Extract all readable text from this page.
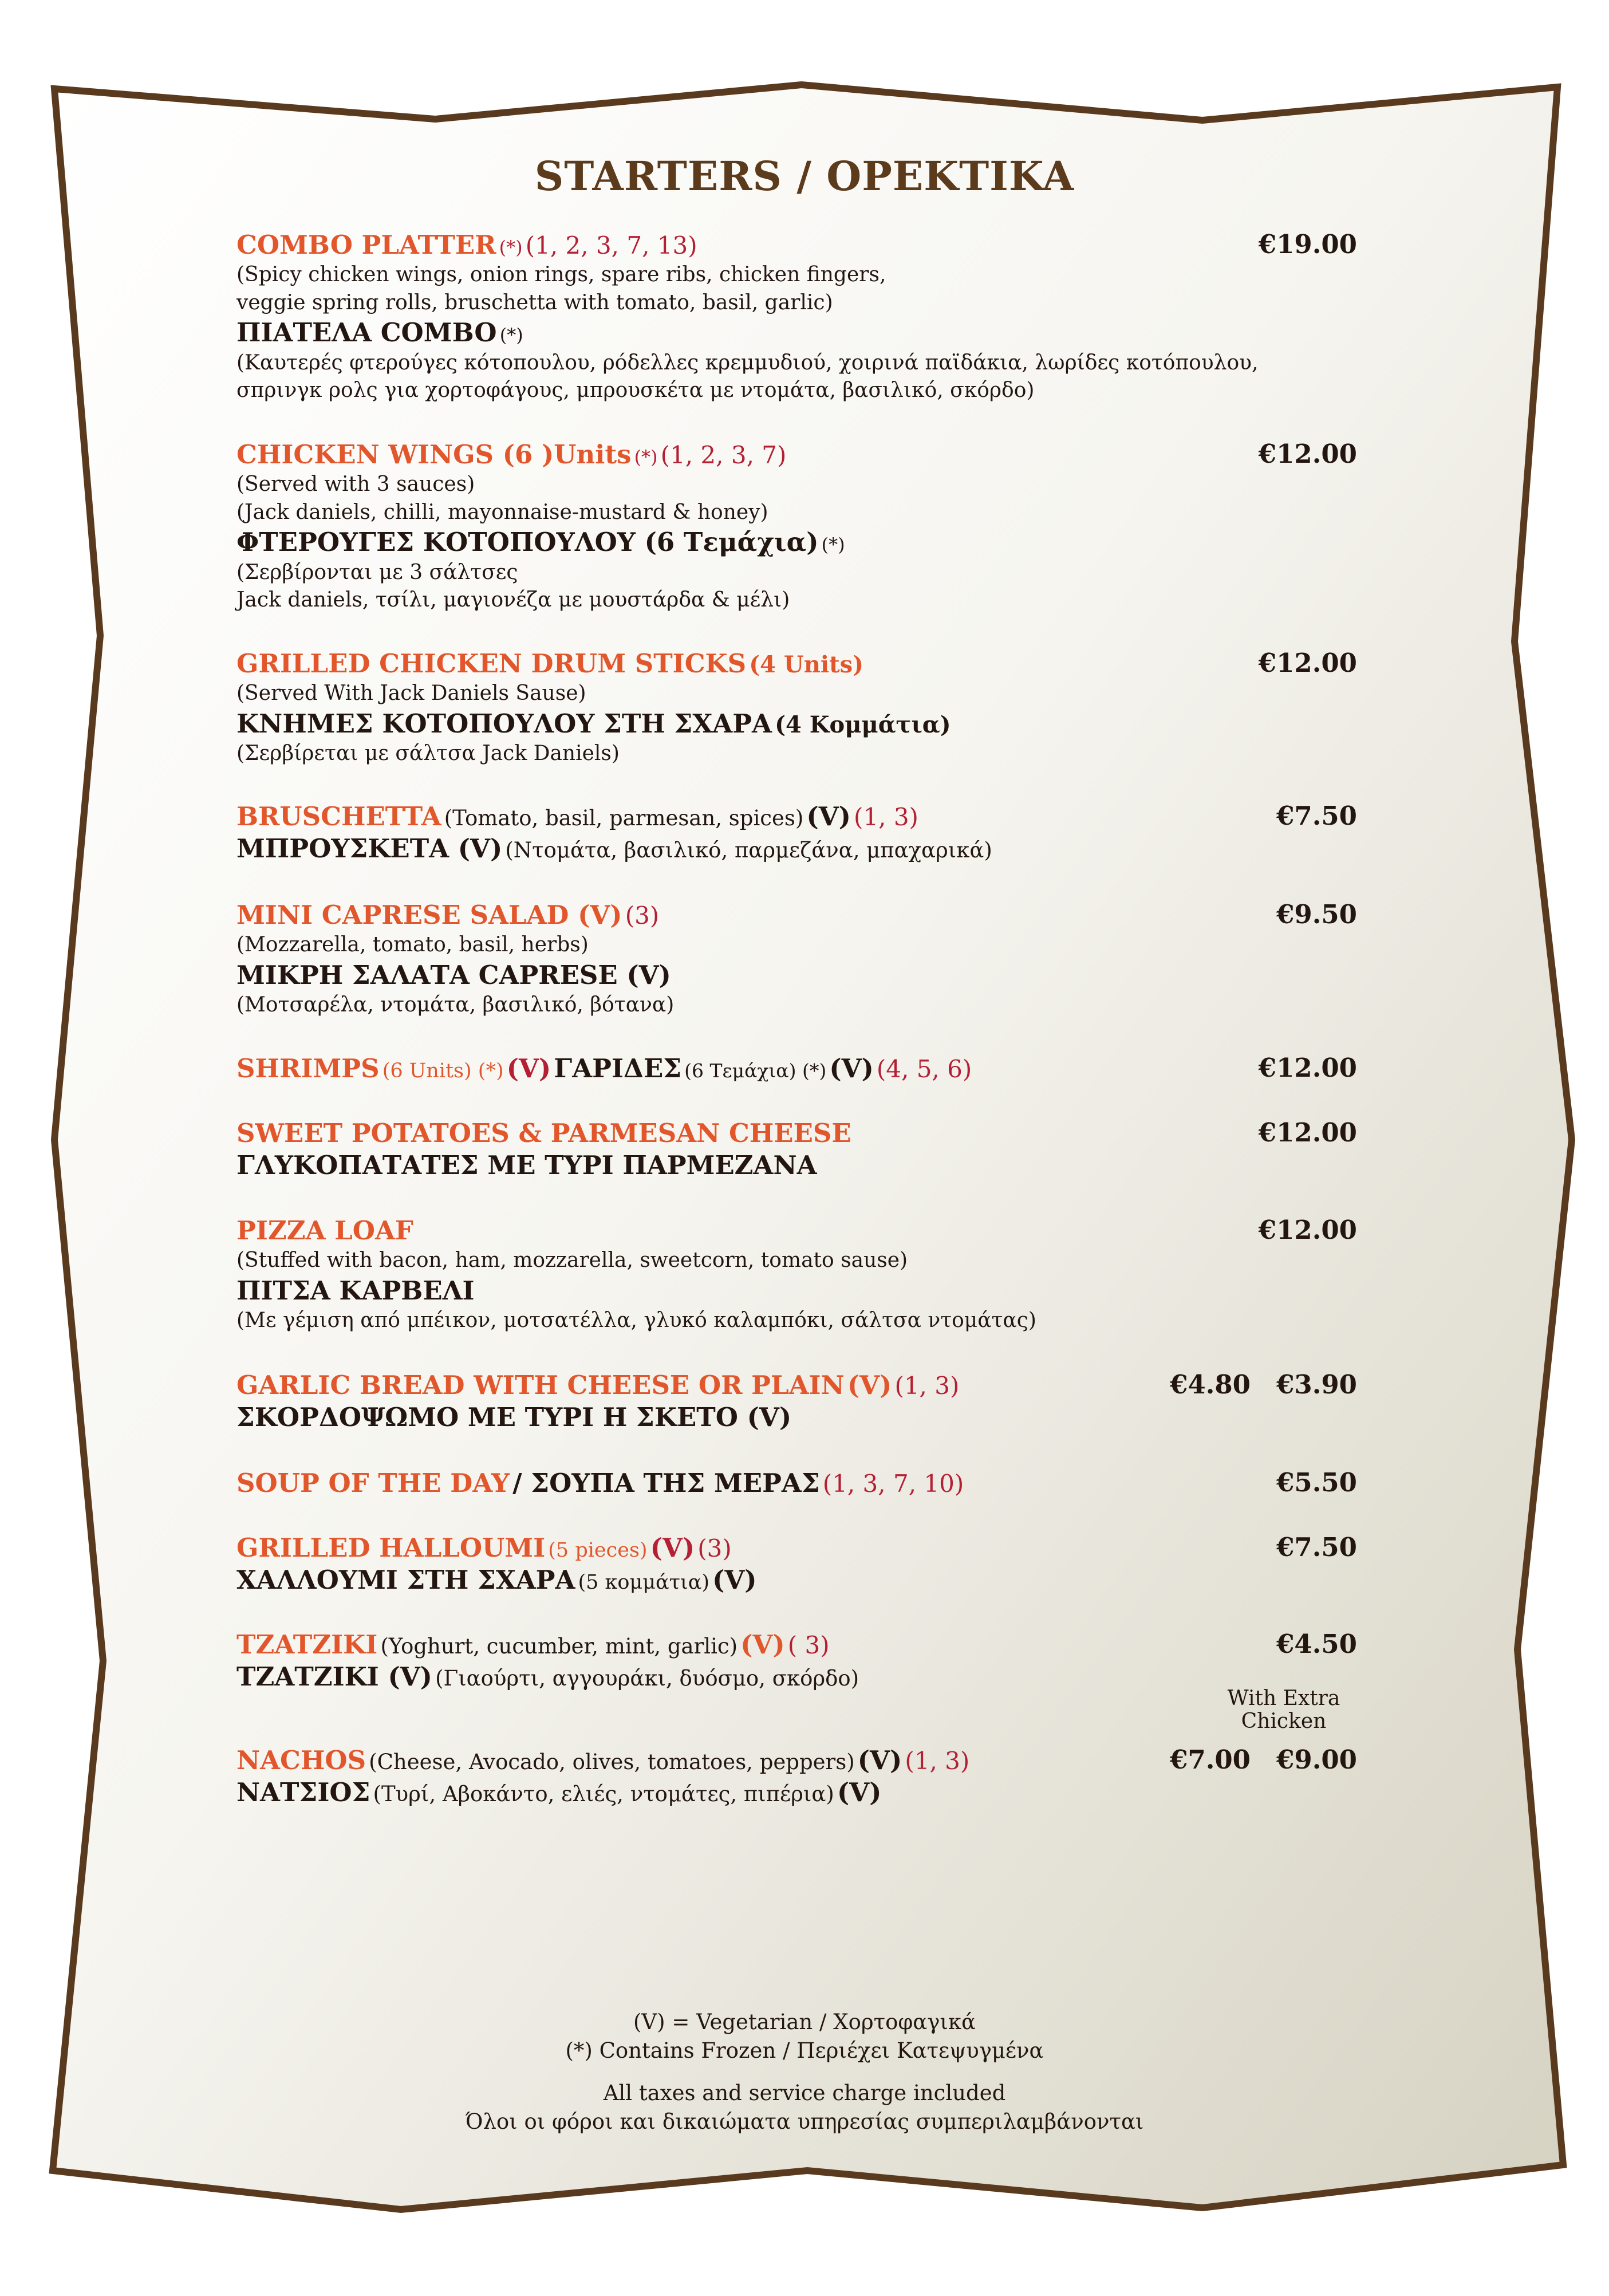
STARTERS / OPEKTIKA
COMBO PLATTER (*) (1, 2, 3, 7, 13)
(Spicy chicken wings, onion rings, spare ribs, chicken fingers,
veggie spring rolls, bruschetta with tomato, basil, garlic)
ΠΙΑΤΕΛΑ COMBO (*)
(Καυτερές φτερούγες κότοπουλου, ρόδελλες κρεμμυδιού, χοιρινά παϊδάκια, λωρίδες κοτόπουλου,
σπρινγκ ρολς για χορτοφάγους, μπρουσκέτα με ντομάτα, βασιλικό, σκόρδο)
€19.00
CHICKEN WINGS (6 )Units (*) (1, 2, 3, 7)
(Served with 3 sauces)
(Jack daniels, chilli, mayonnaise-mustard & honey)
ΦΤΕΡΟΥΓΕΣ ΚΟΤΟΠΟΥΛΟΥ (6 Τεμάχια) (*)
(Σερβίρονται με 3 σάλτσες
Jack daniels, τσίλι, μαγιονέζα με μουστάρδα & μέλι)
€12.00
GRILLED CHICKEN DRUM STICKS (4 Units)
(Served With Jack Daniels Sause)
ΚΝΗΜΕΣ ΚΟΤΟΠΟΥΛΟΥ ΣΤΗ ΣΧΑΡΑ (4 Κομμάτια)
(Σερβίρεται με σάλτσα Jack Daniels)
€12.00
BRUSCHETTA (Tomato, basil, parmesan, spices) (V) (1, 3)
ΜΠΡΟΥΣΚΕΤΑ (V) (Ντομάτα, βασιλικό, παρμεζάνα, μπαχαρικά)
€7.50
MINI CAPRESE SALAD (V) (3)
(Mozzarella, tomato, basil, herbs)
ΜΙΚΡΗ ΣΑΛΑΤΑ CAPRESE (V)
(Μοτσαρέλα, ντομάτα, βασιλικό, βότανα)
€9.50
SHRIMPS (6 Units) (*) (V) ΓΑΡΙΔΕΣ (6 Τεμάχια) (*) (V) (4, 5, 6)	€12.00
SWEET POTATOES & PARMESAN CHEESE
ΓΛΥΚΟΠΑΤΑΤΕΣ ΜΕ ΤΥΡΙ ΠΑΡΜΕΖΑΝΑ
€12.00
PIZZA LOAF
(Stuffed with bacon, ham, mozzarella, sweetcorn, tomato sause)
ΠΙΤΣΑ ΚΑΡΒΕΛΙ
(Με γέμιση από μπέικον, μοτσατέλλα, γλυκό καλαμπόκι, σάλτσα ντομάτας)
€12.00
GARLIC BREAD WITH CHEESE OR PLAIN (V) (1, 3)
ΣΚΟΡΔΟΨΩΜΟ ΜΕ ΤΥΡΙ Η ΣΚΕΤΟ (V)
€4.80	€3.90
SOUP OF THE DAY / ΣΟΥΠΑ ΤΗΣ ΜΕΡΑΣ (1, 3, 7, 10)	€5.50
GRILLED HALLOUMI (5 pieces) (V) (3)
ΧΑΛΛΟΥΜΙ ΣΤΗ ΣΧΑΡΑ (5 κομμάτια) (V)
€7.50
TZATZIKI (Yoghurt, cucumber, mint, garlic) (V) ( 3)
ΤΖΑΤΖΙΚΙ (V) (Γιαούρτι, αγγουράκι, δυόσμο, σκόρδο)
€4.50
With Extra
Chicken
NACHOS (Cheese, Avocado, olives, tomatoes, peppers) (V) (1, 3)
ΝΑΤΣΙΟΣ (Τυρί, Αβοκάντο, ελιές, ντομάτες, πιπέρια) (V)
€7.00	€9.00
(V) = Vegetarian / Χορτοφαγικά
(*) Contains Frozen / Περιέχει Κατεψυγμένα
All taxes and service charge included
Όλοι οι φόροι και δικαιώματα υπηρεσίας συμπεριλαμβάνονται
